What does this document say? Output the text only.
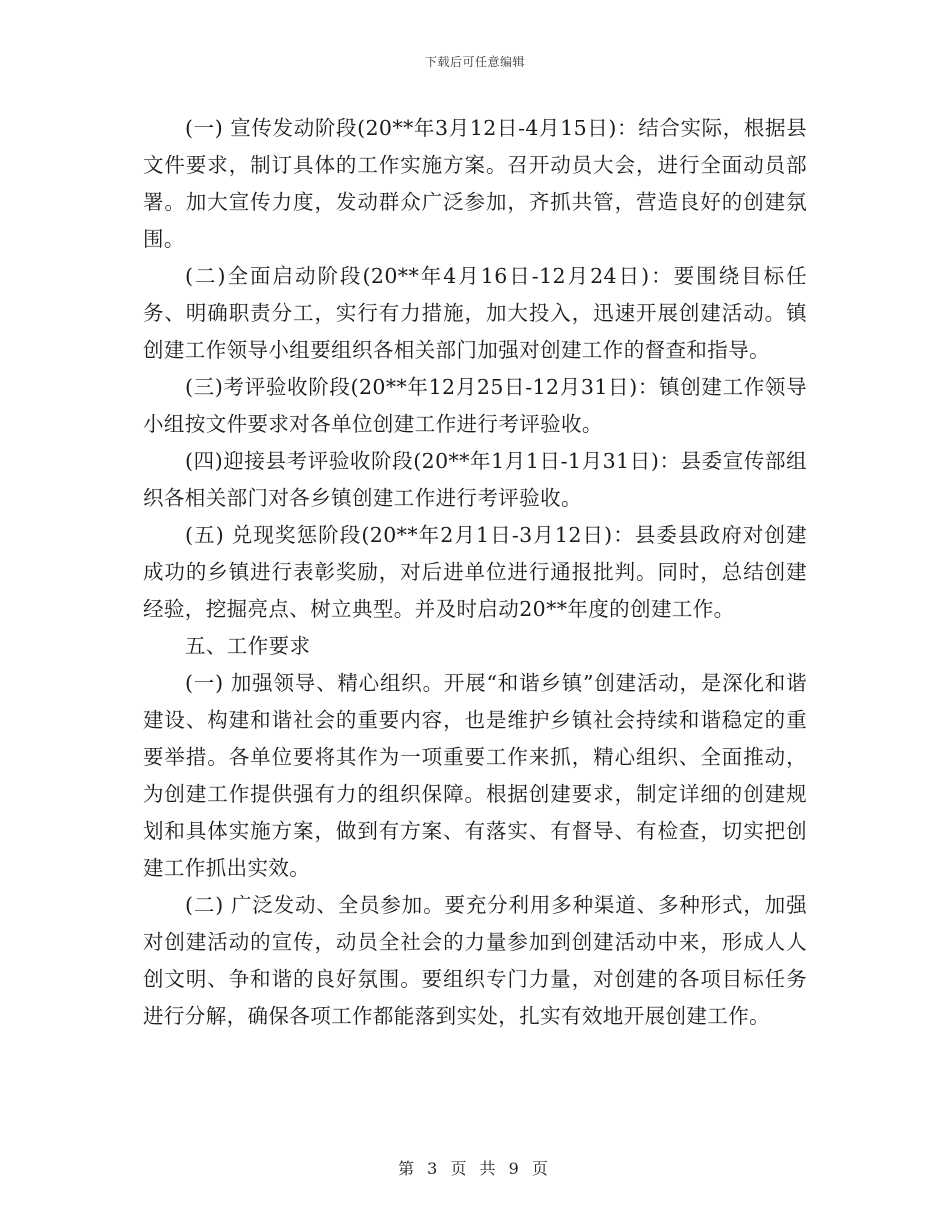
下载后可任意编辑

(一) 宣传发动阶段(20**年3月12日-4月15日)：结合实际，根据县文件要求，制订具体的工作实施方案。召开动员大会，进行全面动员部署。加大宣传力度，发动群众广泛参加，齐抓共管，营造良好的创建氛围。

(二)全面启动阶段(20**年4月16日-12月24日)：要围绕目标任务、明确职责分工，实行有力措施，加大投入，迅速开展创建活动。镇创建工作领导小组要组织各相关部门加强对创建工作的督查和指导。

(三)考评验收阶段(20**年12月25日-12月31日)：镇创建工作领导小组按文件要求对各单位创建工作进行考评验收。

(四)迎接县考评验收阶段(20**年1月1日-1月31日)：县委宣传部组织各相关部门对各乡镇创建工作进行考评验收。

(五) 兑现奖惩阶段(20**年2月1日-3月12日)：县委县政府对创建成功的乡镇进行表彰奖励，对后进单位进行通报批判。同时，总结创建经验，挖掘亮点、树立典型。并及时启动20**年度的创建工作。

五、工作要求

(一) 加强领导、精心组织。开展“和谐乡镇”创建活动，是深化和谐建设、构建和谐社会的重要内容，也是维护乡镇社会持续和谐稳定的重要举措。各单位要将其作为一项重要工作来抓，精心组织、全面推动，为创建工作提供强有力的组织保障。根据创建要求，制定详细的创建规划和具体实施方案，做到有方案、有落实、有督导、有检查，切实把创建工作抓出实效。

(二) 广泛发动、全员参加。要充分利用多种渠道、多种形式，加强对创建活动的宣传，动员全社会的力量参加到创建活动中来，形成人人创文明、争和谐的良好氛围。要组织专门力量，对创建的各项目标任务进行分解，确保各项工作都能落到实处，扎实有效地开展创建工作。

第 3 页 共 9 页
